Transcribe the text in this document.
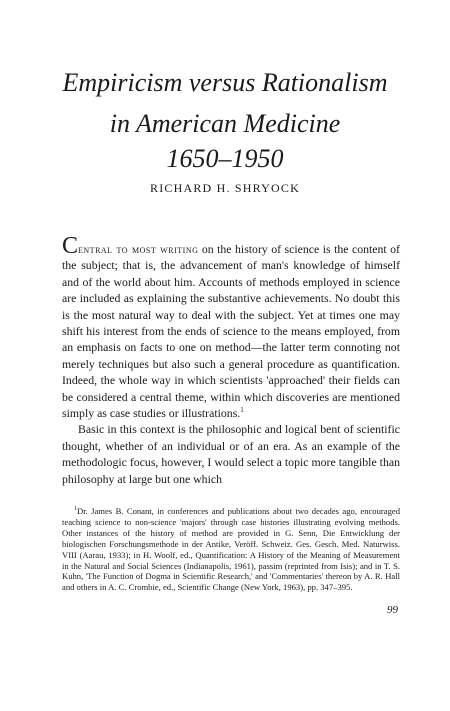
Empiricism versus Rationalism
in American Medicine
1650–1950
RICHARD H. SHRYOCK

Central to most writing on the history of science is the content of the subject; that is, the advancement of man's knowledge of himself and of the world about him. Accounts of methods employed in science are included as explaining the substantive achievements. No doubt this is the most natural way to deal with the subject. Yet at times one may shift his interest from the ends of science to the means employed, from an emphasis on facts to one on method—the latter term connoting not merely techniques but also such a general procedure as quantification. Indeed, the whole way in which scientists 'approached' their fields can be considered a central theme, within which discoveries are mentioned simply as case studies or illustrations.$^1$

Basic in this context is the philosophic and logical bent of scientific thought, whether of an individual or of an era. As an example of the methodologic focus, however, I would select a topic more tangible than philosophy at large but one which

$^1$Dr. James B. Conant, in conferences and publications about two decades ago, encouraged teaching science to non-science 'majors' through case histories illustrating evolving methods. Other instances of the history of method are provided in G. Senn, Die Entwicklung der biologischen Forschungsmethode in der Antike, Veröff. Schweiz. Ges. Gesch. Med. Naturwiss. VIII (Aarau, 1933); in H. Woolf, ed., Quantification: A History of the Meaning of Measurement in the Natural and Social Sciences (Indianapolis, 1961), passim (reprinted from Isis); and in T. S. Kuhn, 'The Function of Dogma in Scientific Research,' and 'Commentaries' thereon by A. R. Hall and others in A. C. Crombie, ed., Scientific Change (New York, 1963), pp. 347–395.

99
